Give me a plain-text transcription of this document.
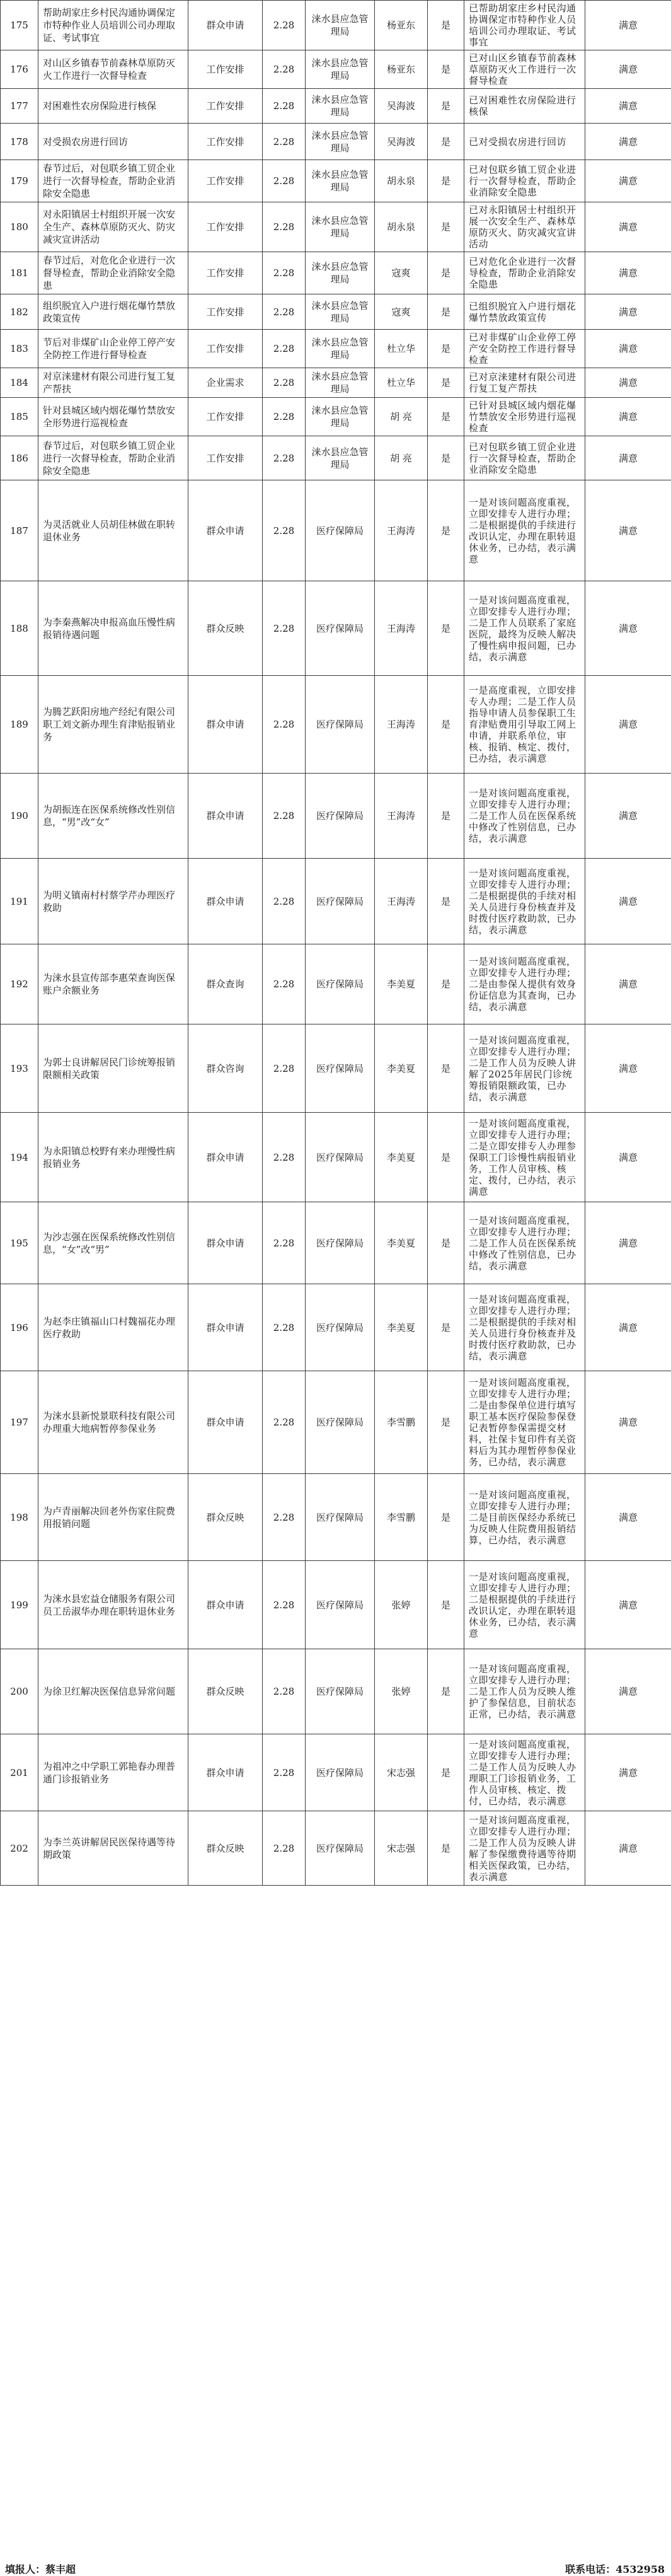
175	帮助胡家庄乡村民沟通协调保定市特种作业人员培训公司办理取证、考试事宜	群众申请	2.28	涞水县应急管理局	杨亚东	是	已帮助胡家庄乡村民沟通协调保定市特种作业人员培训公司办理取证、考试事宜	满意
176	对山区乡镇春节前森林草原防灭火工作进行一次督导检查	工作安排	2.28	涞水县应急管理局	杨亚东	是	已对山区乡镇春节前森林草原防灭火工作进行一次督导检查	满意
177	对困难性农房保险进行核保	工作安排	2.28	涞水县应急管理局	吴海波	是	已对困难性农房保险进行核保	满意
178	对受损农房进行回访	工作安排	2.28	涞水县应急管理局	吴海波	是	已对受损农房进行回访	满意
179	春节过后，对包联乡镇工贸企业进行一次督导检查，帮助企业消除安全隐患	工作安排	2.28	涞水县应急管理局	胡永泉	是	已对包联乡镇工贸企业进行一次督导检查，帮助企业消除安全隐患	满意
180	对永阳镇居士村组织开展一次安全生产、森林草原防灭火、防灾减灾宣讲活动	工作安排	2.28	涞水县应急管理局	胡永泉	是	已对永阳镇居士村组织开展一次安全生产、森林草原防灭火、防灾减灾宣讲活动	满意
181	春节过后，对危化企业进行一次督导检查，帮助企业消除安全隐患	工作安排	2.28	涞水县应急管理局	寇爽	是	已对危化企业进行一次督导检查，帮助企业消除安全隐患	满意
182	组织脱宜入户进行烟花爆竹禁放政策宣传	工作安排	2.28	涞水县应急管理局	寇爽	是	已组织脱宜入户进行烟花爆竹禁放政策宣传	满意
183	节后对非煤矿山企业停工停产安全防控工作进行督导检查	工作安排	2.28	涞水县应急管理局	杜立华	是	已对非煤矿山企业停工停产安全防控工作进行督导检查	满意
184	对京涞建材有限公司进行复工复产帮扶	企业需求	2.28	涞水县应急管理局	杜立华	是	已对京涞建材有限公司进行复工复产帮扶	满意
185	针对县城区域内烟花爆竹禁放安全形势进行巡视检查	工作安排	2.28	涞水县应急管理局	胡 亮	是	已针对县城区域内烟花爆竹禁放安全形势进行巡视检查	满意
186	春节过后，对包联乡镇工贸企业进行一次督导检查，帮助企业消除安全隐患	工作安排	2.28	涞水县应急管理局	胡 亮	是	已对包联乡镇工贸企业进行一次督导检查，帮助企业消除安全隐患	满意
187	为灵活就业人员胡佳林做在职转退休业务	群众申请	2.28	医疗保障局	王海涛	是	一是对该问题高度重视，立即安排专人进行办理；二是根据提供的手续进行改识认定，办理在职转退休业务，已办结，表示满意	满意
188	为李秦燕解决申报高血压慢性病报销待遇问题	群众反映	2.28	医疗保障局	王海涛	是	一是对该问题高度重视，立即安排专人进行办理；二是工作人员联系了家庭医院，最终为反映人解决了慢性病申报问题，已办结，表示满意	满意
189	为腾艺跃阳房地产经纪有限公司职工刘文新办理生育津贴报销业务	群众申请	2.28	医疗保障局	王海涛	是	一是高度重视，立即安排专人办理；二是工作人员指导申请人员参保职工生育津贴费用引导取工网上申请，并联系单位，审核、报销、核定、拨付，已办结，表示满意	满意
190	为胡振连在医保系统修改性别信息，“男”改“女”	群众申请	2.28	医疗保障局	王海涛	是	一是对该问题高度重视，立即安排专人进行办理；二是工作人员在医保系统中修改了性别信息，已办结，表示满意	满意
191	为明义镇南村村蔡学芹办理医疗救助	群众申请	2.28	医疗保障局	王海涛	是	一是对该问题高度重视，立即安排专人进行办理；二是根据提供的手续对相关人员进行身份核查并及时拨付医疗救助款，已办结，表示满意	满意
192	为涞水县宣传部李惠荣查询医保账户余额业务	群众查询	2.28	医疗保障局	李美夏	是	一是对该问题高度重视，立即安排专人进行办理；二是由参保人提供有效身份证信息为其查询，已办结，表示满意	满意
193	为郭士良讲解居民门诊统筹报销限额相关政策	群众咨询	2.28	医疗保障局	李美夏	是	一是对该问题高度重视，立即安排专人进行办理；二是工作人员为反映人讲解了2025年居民门诊统筹报销限额政策，已办结，表示满意	满意
194	为永阳镇总校野有来办理慢性病报销业务	群众申请	2.28	医疗保障局	李美夏	是	一是对该问题高度重视，立即安排专人进行办理；二是立即安排专人办理参保职工门诊慢性病报销业务，工作人员审核、核定、拨付，已办结，表示满意	满意
195	为沙志强在医保系统修改性别信息，“女”改“男”	群众申请	2.28	医疗保障局	李美夏	是	一是对该问题高度重视，立即安排专人进行办理；二是工作人员在医保系统中修改了性别信息，已办结，表示满意	满意
196	为赵李庄镇福山口村魏福花办理医疗救助	群众申请	2.28	医疗保障局	李美夏	是	一是对该问题高度重视，立即安排专人进行办理；二是根据提供的手续对相关人员进行身份核查并及时拨付医疗救助款，已办结，表示满意	满意
197	为涞水县新悦景联科技有限公司办理重大地病暂停参保业务	群众申请	2.28	医疗保障局	李雪鹏	是	一是对该问题高度重视，立即安排专人进行办理；二是由参保单位进行填写职工基本医疗保险参保登记表暂停参保需提交材料，社保卡复印件有关资料后为其办理暂停参保业务，已办结，表示满意	满意
198	为卢青丽解决回老外伤家住院费用报销问题	群众反映	2.28	医疗保障局	李雪鹏	是	一是对该问题高度重视，立即安排专人进行办理；二是目前医保经办系统已为反映人住院费用报销结算，已办结，表示满意	满意
199	为涞水县宏益仓储服务有限公司员工岳淑华办理在职转退休业务	群众申请	2.28	医疗保障局	张婷	是	一是对该问题高度重视，立即安排专人进行办理；二是根据提供的手续进行改识认定，办理在职转退休业务，已办结，表示满意	满意
200	为徐卫红解决医保信息异常问题	群众反映	2.28	医疗保障局	张婷	是	一是对该问题高度重视，立即安排专人进行办理；二是工作人员为反映人维护了参保信息，目前状态正常，已办结，表示满意	满意
201	为祖冲之中学职工郭艳春办理普通门诊报销业务	群众申请	2.28	医疗保障局	宋志强	是	一是对该问题高度重视，立即安排专人进行办理；二是工作人员为反映人办理职工门诊报销业务，工作人员审核、核定、拨付，已办结，表示满意	满意
202	为李兰英讲解居民医保待遇等待期政策	群众反映	2.28	医疗保障局	宋志强	是	一是对该问题高度重视，立即安排专人进行办理；二是工作人员为反映人讲解了参保缴费待遇等待期相关医保政策，已办结，表示满意	满意
填报人：蔡丰超	联系电话：4532958
